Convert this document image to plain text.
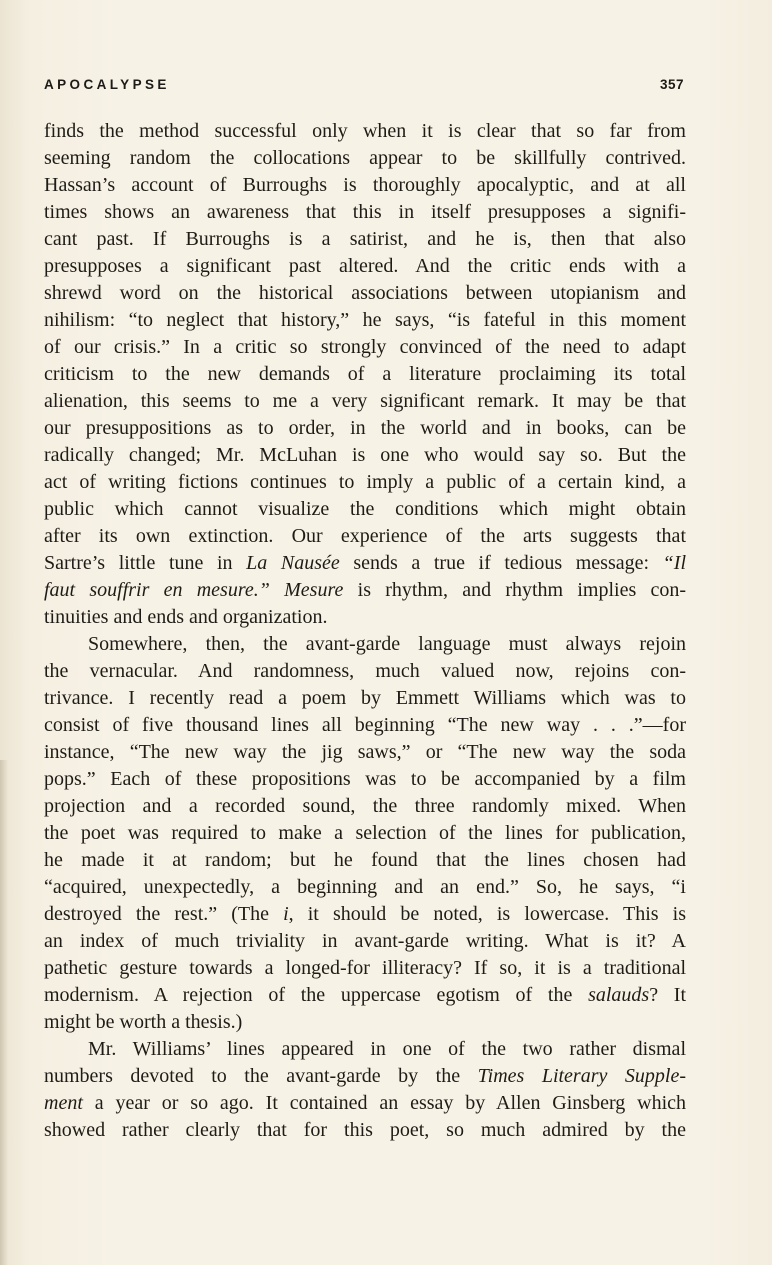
APOCALYPSE	357
finds the method successful only when it is clear that so far from
seeming random the collocations appear to be skillfully contrived.
Hassan’s account of Burroughs is thoroughly apocalyptic, and at all
times shows an awareness that this in itself presupposes a signifi-
cant past. If Burroughs is a satirist, and he is, then that also
presupposes a significant past altered. And the critic ends with a
shrewd word on the historical associations between utopianism and
nihilism: “to neglect that history,” he says, “is fateful in this moment
of our crisis.” In a critic so strongly convinced of the need to adapt
criticism to the new demands of a literature proclaiming its total
alienation, this seems to me a very significant remark. It may be that
our presuppositions as to order, in the world and in books, can be
radically changed; Mr. McLuhan is one who would say so. But the
act of writing fictions continues to imply a public of a certain kind, a
public which cannot visualize the conditions which might obtain
after its own extinction. Our experience of the arts suggests that
Sartre’s little tune in La Nausée sends a true if tedious message: “Il
faut souffrir en mesure.” Mesure is rhythm, and rhythm implies con-
tinuities and ends and organization.
Somewhere, then, the avant-garde language must always rejoin
the vernacular. And randomness, much valued now, rejoins con-
trivance. I recently read a poem by Emmett Williams which was to
consist of five thousand lines all beginning “The new way . . .”—for
instance, “The new way the jig saws,” or “The new way the soda
pops.” Each of these propositions was to be accompanied by a film
projection and a recorded sound, the three randomly mixed. When
the poet was required to make a selection of the lines for publication,
he made it at random; but he found that the lines chosen had
“acquired, unexpectedly, a beginning and an end.” So, he says, “i
destroyed the rest.” (The i, it should be noted, is lowercase. This is
an index of much triviality in avant-garde writing. What is it? A
pathetic gesture towards a longed-for illiteracy? If so, it is a traditional
modernism. A rejection of the uppercase egotism of the salauds? It
might be worth a thesis.)
Mr. Williams’ lines appeared in one of the two rather dismal
numbers devoted to the avant-garde by the Times Literary Supple-
ment a year or so ago. It contained an essay by Allen Ginsberg which
showed rather clearly that for this poet, so much admired by the
